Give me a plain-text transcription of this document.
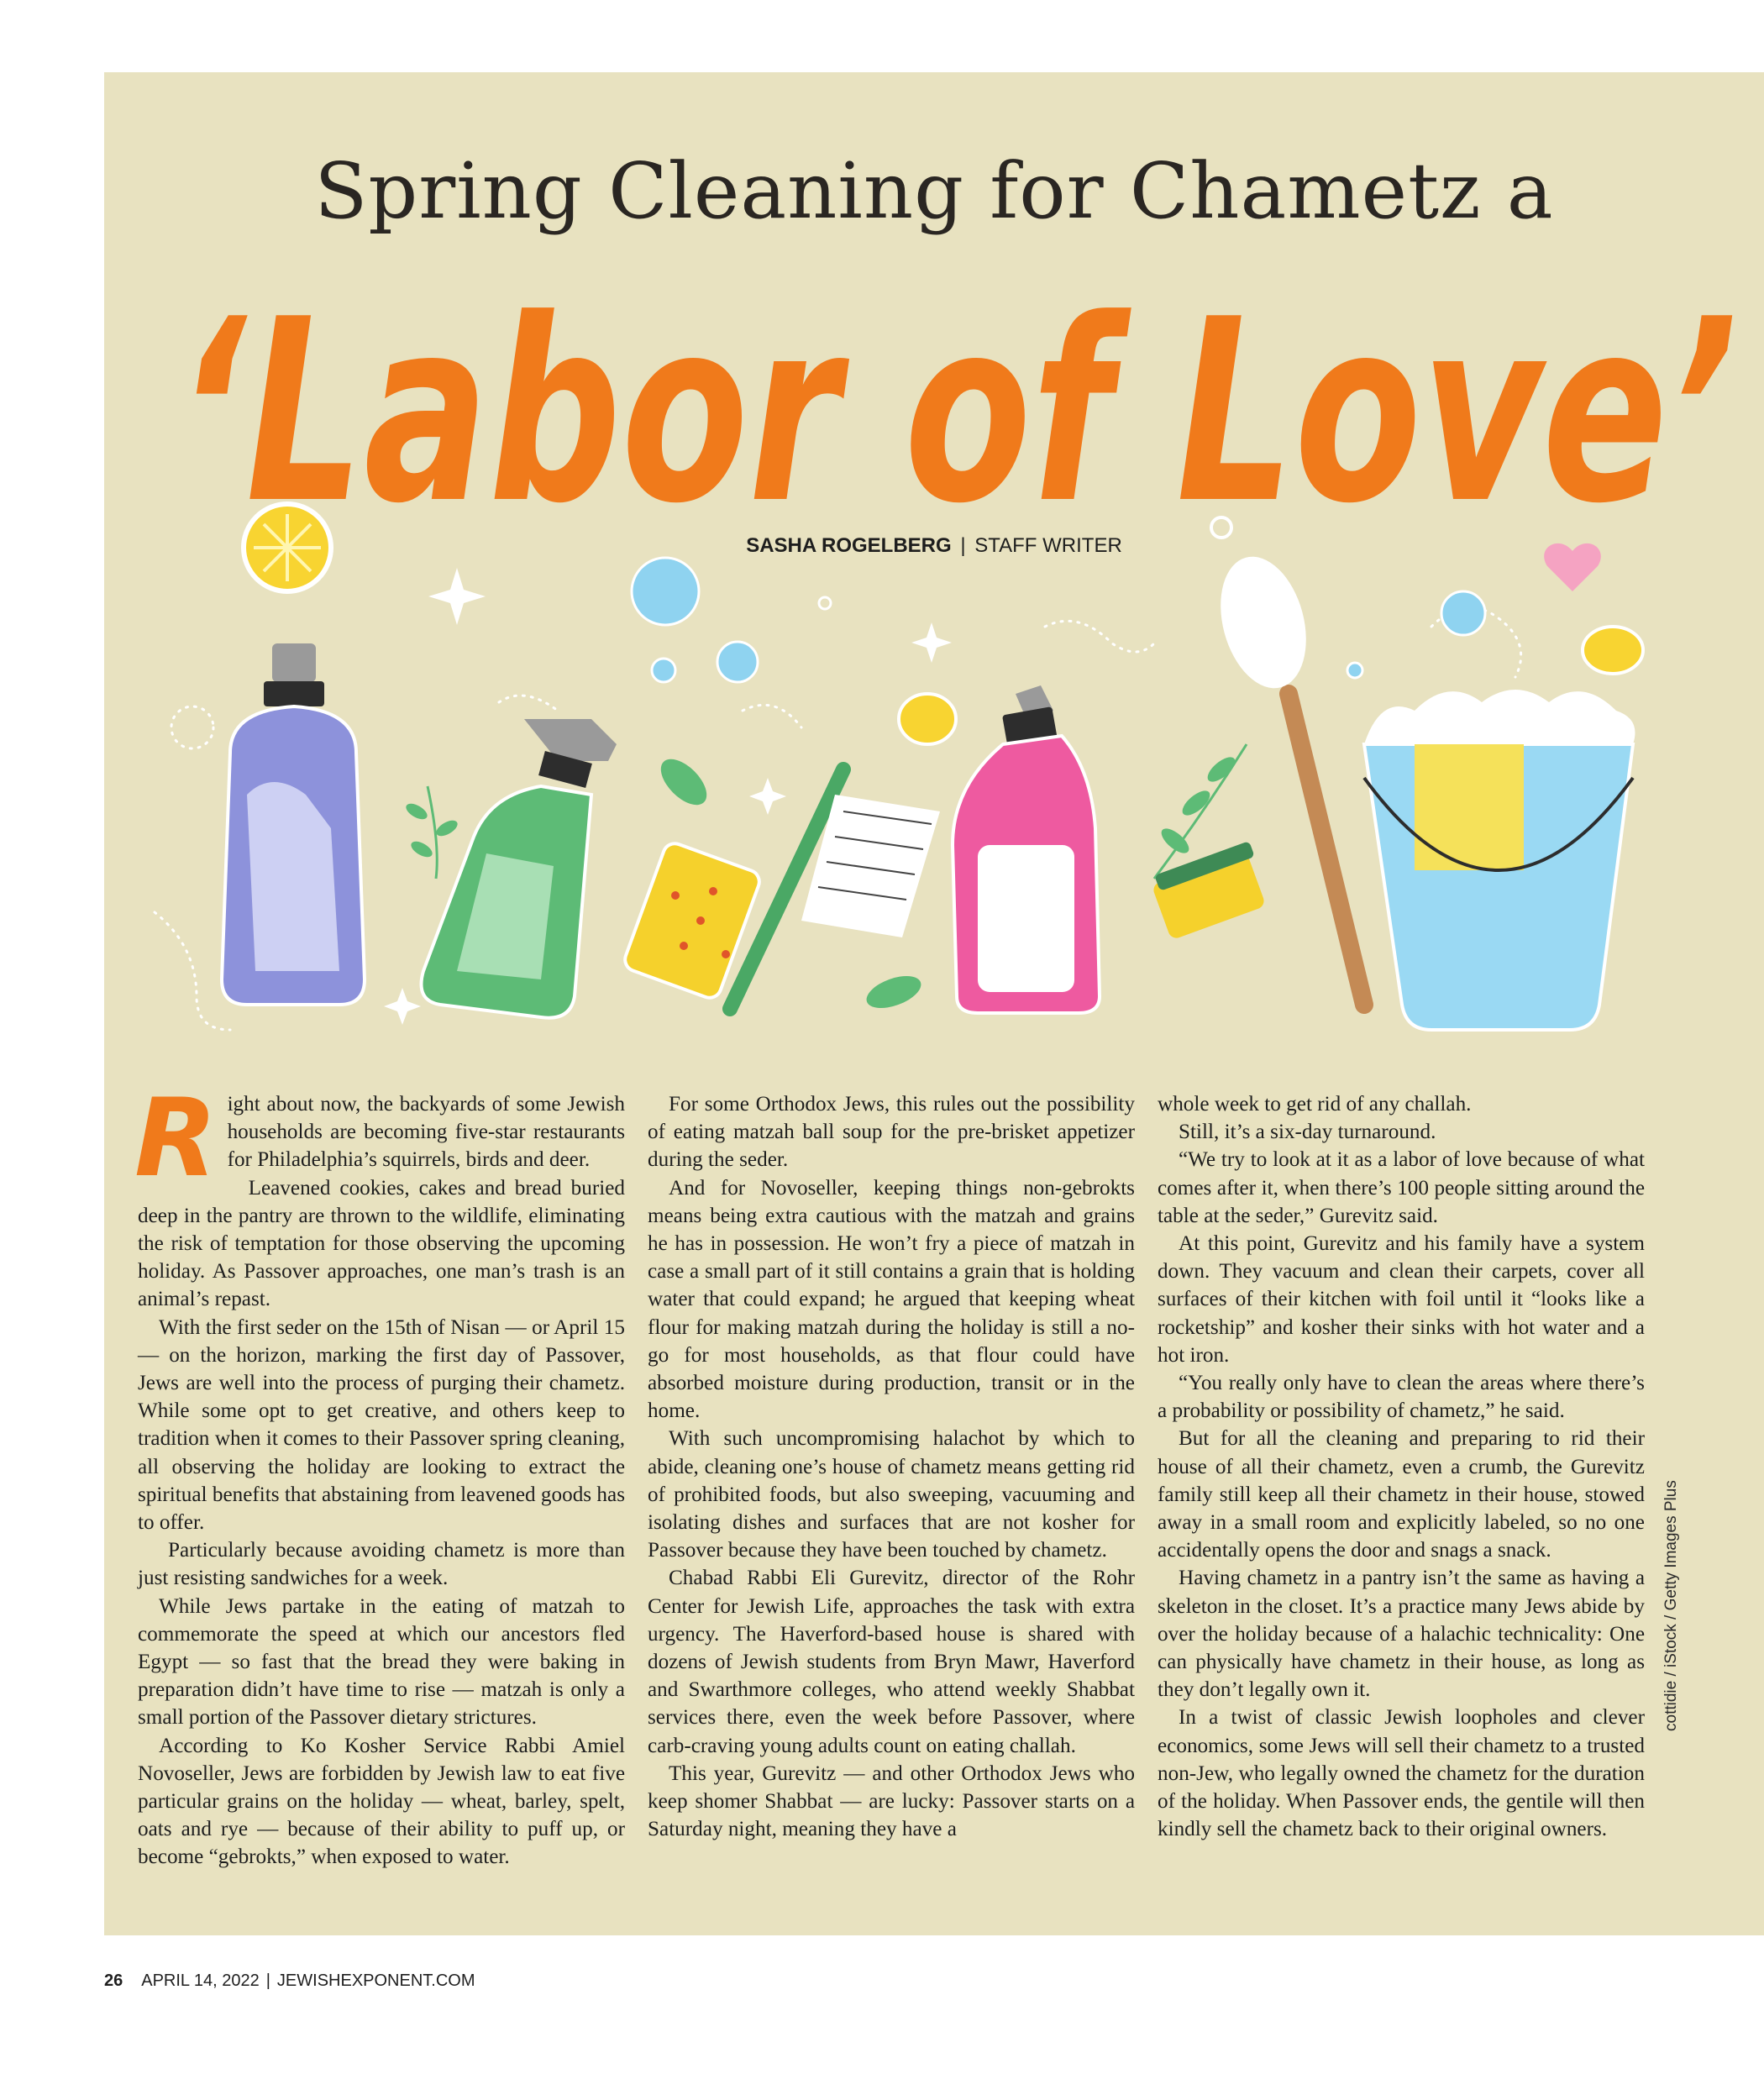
Spring Cleaning for Chametz a
‘Labor of Love’
SASHA ROGELBERG | STAFF WRITER

Right about now, the backyards of some Jewish households are becoming five-star restaurants for Philadelphia’s squirrels, birds and deer.

Leavened cookies, cakes and bread buried deep in the pantry are thrown to the wildlife, eliminating the risk of temptation for those observing the upcoming holiday. As Passover approaches, one man’s trash is an animal’s repast.

With the first seder on the 15th of Nisan — or April 15 — on the horizon, marking the first day of Passover, Jews are well into the process of purging their chametz. While some opt to get creative, and others keep to tradition when it comes to their Passover spring cleaning, all observing the holiday are looking to extract the spiritual benefits that abstaining from leavened goods has to offer.

Particularly because avoiding chametz is more than just resisting sandwiches for a week.

While Jews partake in the eating of matzah to commemorate the speed at which our ancestors fled Egypt — so fast that the bread they were baking in preparation didn’t have time to rise — matzah is only a small portion of the Passover dietary strictures.

According to Ko Kosher Service Rabbi Amiel Novoseller, Jews are forbidden by Jewish law to eat five particular grains on the holiday — wheat, barley, spelt, oats and rye — because of their ability to puff up, or become “gebrokts,” when exposed to water.

For some Orthodox Jews, this rules out the possibility of eating matzah ball soup for the pre-brisket appetizer during the seder.

And for Novoseller, keeping things non-gebrokts means being extra cautious with the matzah and grains he has in possession. He won’t fry a piece of matzah in case a small part of it still contains a grain that is holding water that could expand; he argued that keeping wheat flour for making matzah during the holiday is still a no-go for most households, as that flour could have absorbed moisture during production, transit or in the home.

With such uncompromising halachot by which to abide, cleaning one’s house of chametz means getting rid of prohibited foods, but also sweeping, vacuuming and isolating dishes and surfaces that are not kosher for Passover because they have been touched by chametz.

Chabad Rabbi Eli Gurevitz, director of the Rohr Center for Jewish Life, approaches the task with extra urgency. The Haverford-based house is shared with dozens of Jewish students from Bryn Mawr, Haverford and Swarthmore colleges, who attend weekly Shabbat services there, even the week before Passover, where carb-craving young adults count on eating challah.

This year, Gurevitz — and other Orthodox Jews who keep shomer Shabbat — are lucky: Passover starts on a Saturday night, meaning they have a

whole week to get rid of any challah.

Still, it’s a six-day turnaround.

“We try to look at it as a labor of love because of what comes after it, when there’s 100 people sitting around the table at the seder,” Gurevitz said.

At this point, Gurevitz and his family have a system down. They vacuum and clean their carpets, cover all surfaces of their kitchen with foil until it “looks like a rocketship” and kosher their sinks with hot water and a hot iron.

“You really only have to clean the areas where there’s a probability or possibility of chametz,” he said.

But for all the cleaning and preparing to rid their house of all their chametz, even a crumb, the Gurevitz family still keep all their chametz in their house, stowed away in a small room and explicitly labeled, so no one accidentally opens the door and snags a snack.

Having chametz in a pantry isn’t the same as having a skeleton in the closet. It’s a practice many Jews abide by over the holiday because of a halachic technicality: One can physically have chametz in their house, as long as they don’t legally own it.

In a twist of classic Jewish loopholes and clever economics, some Jews will sell their chametz to a trusted non-Jew, who legally owned the chametz for the duration of the holiday. When Passover ends, the gentile will then kindly sell the chametz back to their original owners.

cottidie / iStock / Getty Images Plus
26 APRIL 14, 2022 | JEWISHEXPONENT.COM
